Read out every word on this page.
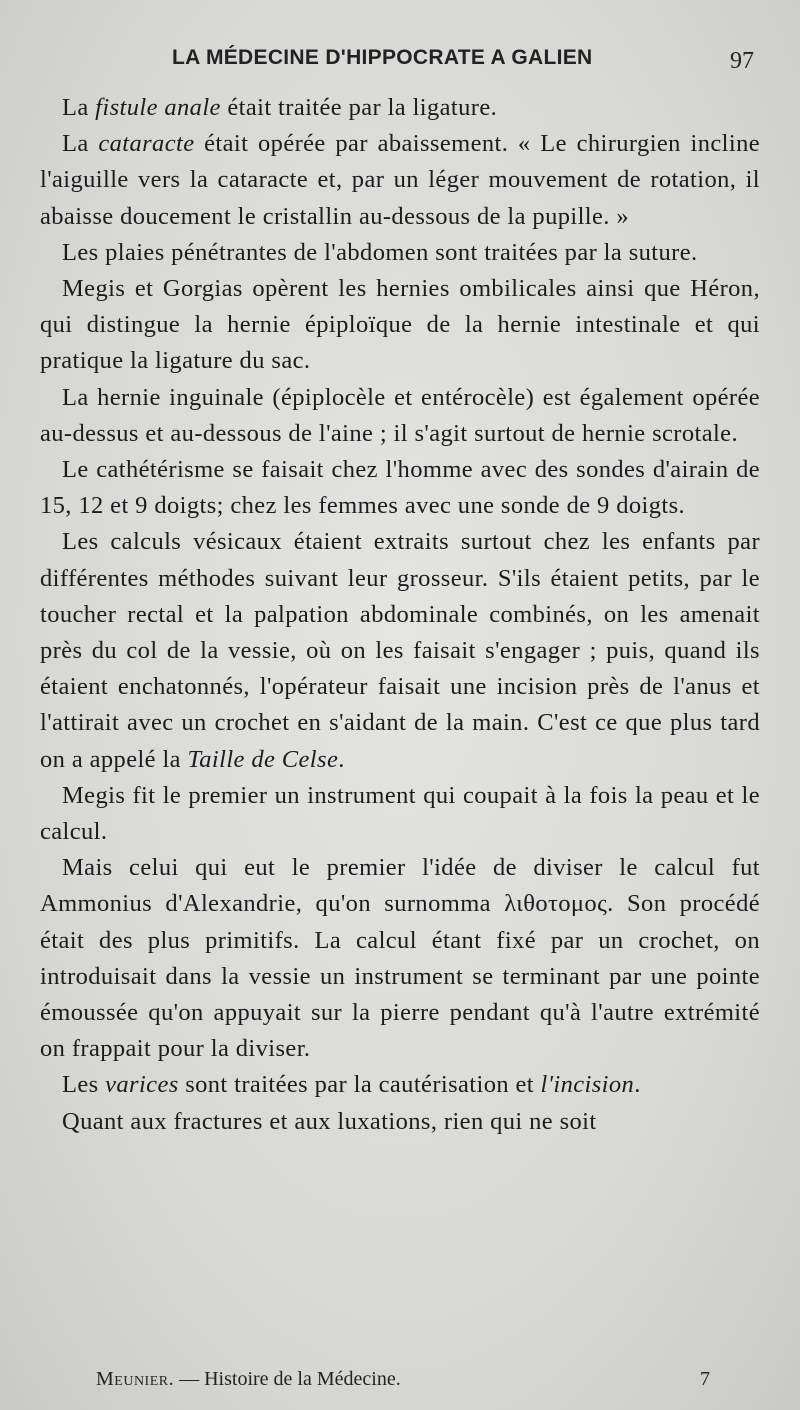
LA MÉDECINE D'HIPPOCRATE A GALIEN	97

La fistule anale était traitée par la ligature.

La cataracte était opérée par abaissement. « Le chirurgien incline l'aiguille vers la cataracte et, par un léger mouvement de rotation, il abaisse doucement le cristallin au-dessous de la pupille. »

Les plaies pénétrantes de l'abdomen sont traitées par la suture.

Megis et Gorgias opèrent les hernies ombilicales ainsi que Héron, qui distingue la hernie épiploïque de la hernie intestinale et qui pratique la ligature du sac.

La hernie inguinale (épiplocèle et entérocèle) est également opérée au-dessus et au-dessous de l'aine ; il s'agit surtout de hernie scrotale.

Le cathétérisme se faisait chez l'homme avec des sondes d'airain de 15, 12 et 9 doigts; chez les femmes avec une sonde de 9 doigts.

Les calculs vésicaux étaient extraits surtout chez les enfants par différentes méthodes suivant leur grosseur. S'ils étaient petits, par le toucher rectal et la palpation abdominale combinés, on les amenait près du col de la vessie, où on les faisait s'engager ; puis, quand ils étaient enchatonnés, l'opérateur faisait une incision près de l'anus et l'attirait avec un crochet en s'aidant de la main. C'est ce que plus tard on a appelé la Taille de Celse.

Megis fit le premier un instrument qui coupait à la fois la peau et le calcul.

Mais celui qui eut le premier l'idée de diviser le calcul fut Ammonius d'Alexandrie, qu'on surnomma λιθοτομος. Son procédé était des plus primitifs. La calcul étant fixé par un crochet, on introduisait dans la vessie un instrument se terminant par une pointe émoussée qu'on appuyait sur la pierre pendant qu'à l'autre extrémité on frappait pour la diviser.

Les varices sont traitées par la cautérisation et l'incision.

Quant aux fractures et aux luxations, rien qui ne soit

Meunier. — Histoire de la Médecine.	7
